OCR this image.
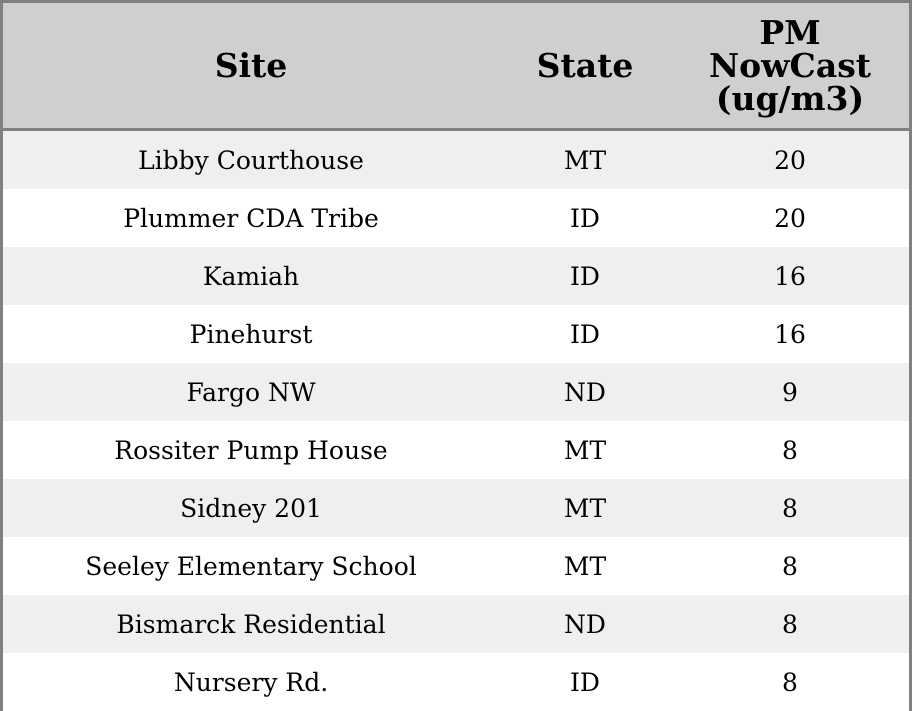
Site	State	PM NowCast (ug/m3)
Libby Courthouse	MT	20
Plummer CDA Tribe	ID	20
Kamiah	ID	16
Pinehurst	ID	16
Fargo NW	ND	9
Rossiter Pump House	MT	8
Sidney 201	MT	8
Seeley Elementary School	MT	8
Bismarck Residential	ND	8
Nursery Rd.	ID	8
